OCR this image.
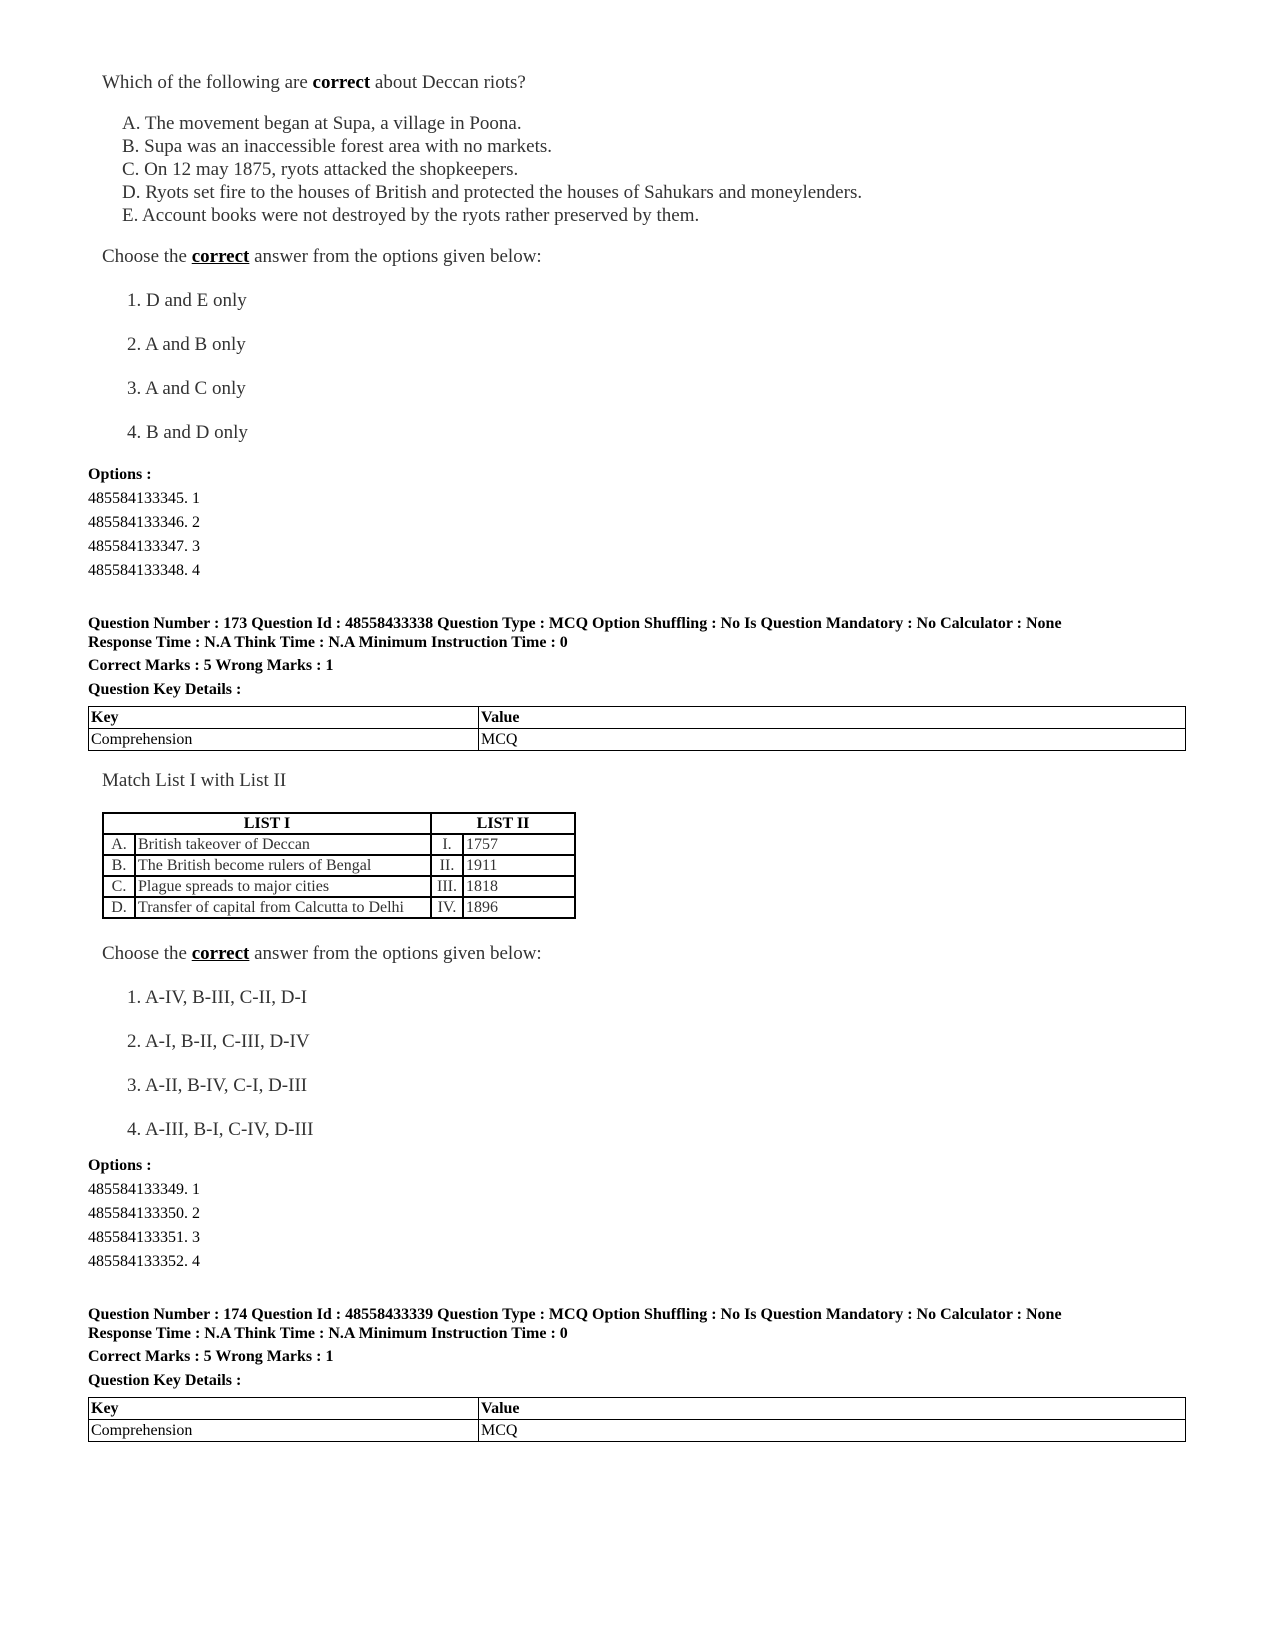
Which of the following are correct about Deccan riots?
A. The movement began at Supa, a village in Poona.
B. Supa was an inaccessible forest area with no markets.
C. On 12 may 1875, ryots attacked the shopkeepers.
D. Ryots set fire to the houses of British and protected the houses of Sahukars and moneylenders.
E. Account books were not destroyed by the ryots rather preserved by them.
Choose the correct answer from the options given below:
1. D and E only
2. A and B only
3. A and C only
4. B and D only
Options :
485584133345. 1
485584133346. 2
485584133347. 3
485584133348. 4
Question Number : 173 Question Id : 48558433338 Question Type : MCQ Option Shuffling : No Is Question Mandatory : No Calculator : None
Response Time : N.A Think Time : N.A Minimum Instruction Time : 0
Correct Marks : 5 Wrong Marks : 1
Question Key Details :
Key	Value
Comprehension	MCQ
Match List I with List II
LIST I		LIST II	
A.	British takeover of Deccan	I.	1757
B.	The British become rulers of Bengal	II.	1911
C.	Plague spreads to major cities	III.	1818
D.	Transfer of capital from Calcutta to Delhi	IV.	1896
Choose the correct answer from the options given below:
1. A-IV, B-III, C-II, D-I
2. A-I, B-II, C-III, D-IV
3. A-II, B-IV, C-I, D-III
4. A-III, B-I, C-IV, D-III
Options :
485584133349. 1
485584133350. 2
485584133351. 3
485584133352. 4
Question Number : 174 Question Id : 48558433339 Question Type : MCQ Option Shuffling : No Is Question Mandatory : No Calculator : None
Response Time : N.A Think Time : N.A Minimum Instruction Time : 0
Correct Marks : 5 Wrong Marks : 1
Question Key Details :
Key	Value
Comprehension	MCQ
